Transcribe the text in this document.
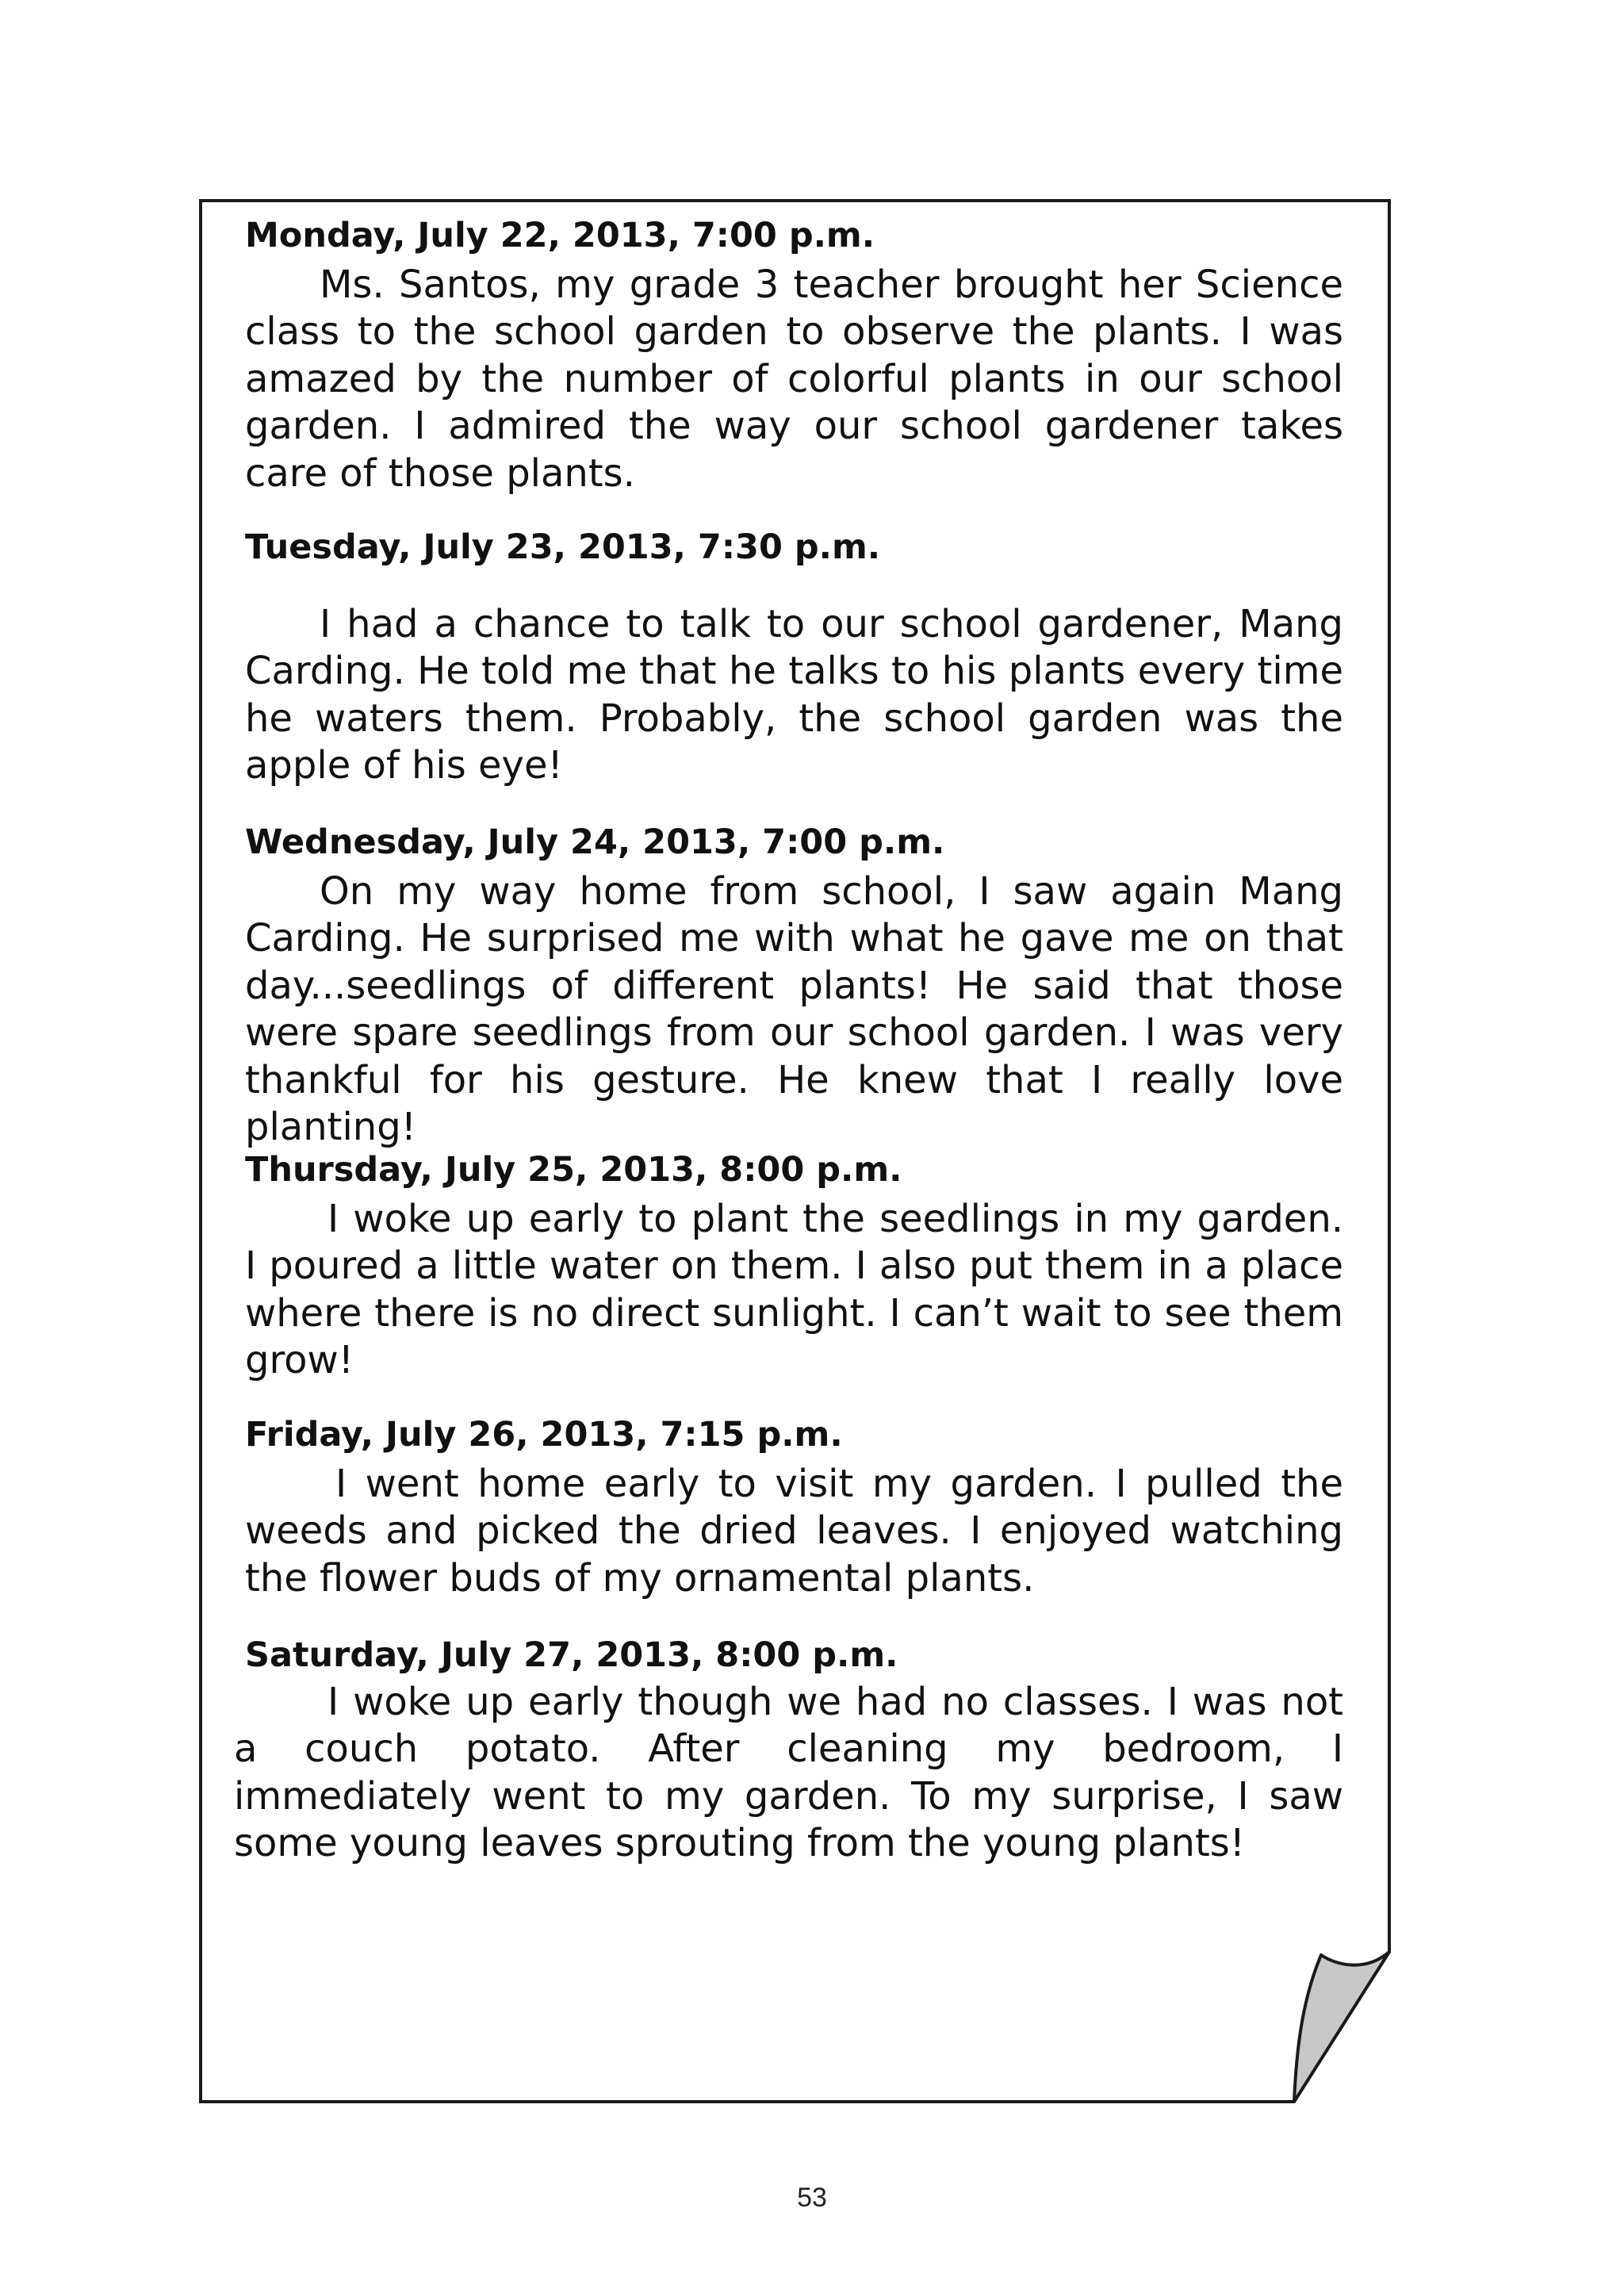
Monday, July 22, 2013, 7:00 p.m.

Ms. Santos, my grade 3 teacher brought her Science class to the school garden to observe the plants. I was amazed by the number of colorful plants in our school garden. I admired the way our school gardener takes care of those plants.

Tuesday, July 23, 2013, 7:30 p.m.

I had a chance to talk to our school gardener, Mang Carding. He told me that he talks to his plants every time he waters them. Probably, the school garden was the apple of his eye!

Wednesday, July 24, 2013, 7:00 p.m.

On my way home from school, I saw again Mang Carding. He surprised me with what he gave me on that day...seedlings of different plants! He said that those were spare seedlings from our school garden. I was very thankful for his gesture. He knew that I really love planting!

Thursday, July 25, 2013, 8:00 p.m.

I woke up early to plant the seedlings in my garden. I poured a little water on them. I also put them in a place where there is no direct sunlight. I can’t wait to see them grow!

Friday, July 26, 2013, 7:15 p.m.

I went home early to visit my garden. I pulled the weeds and picked the dried leaves. I enjoyed watching the flower buds of my ornamental plants.

Saturday, July 27, 2013, 8:00 p.m.

I woke up early though we had no classes. I was not a couch potato. After cleaning my bedroom, I immediately went to my garden. To my surprise, I saw some young leaves sprouting from the young plants!

53
